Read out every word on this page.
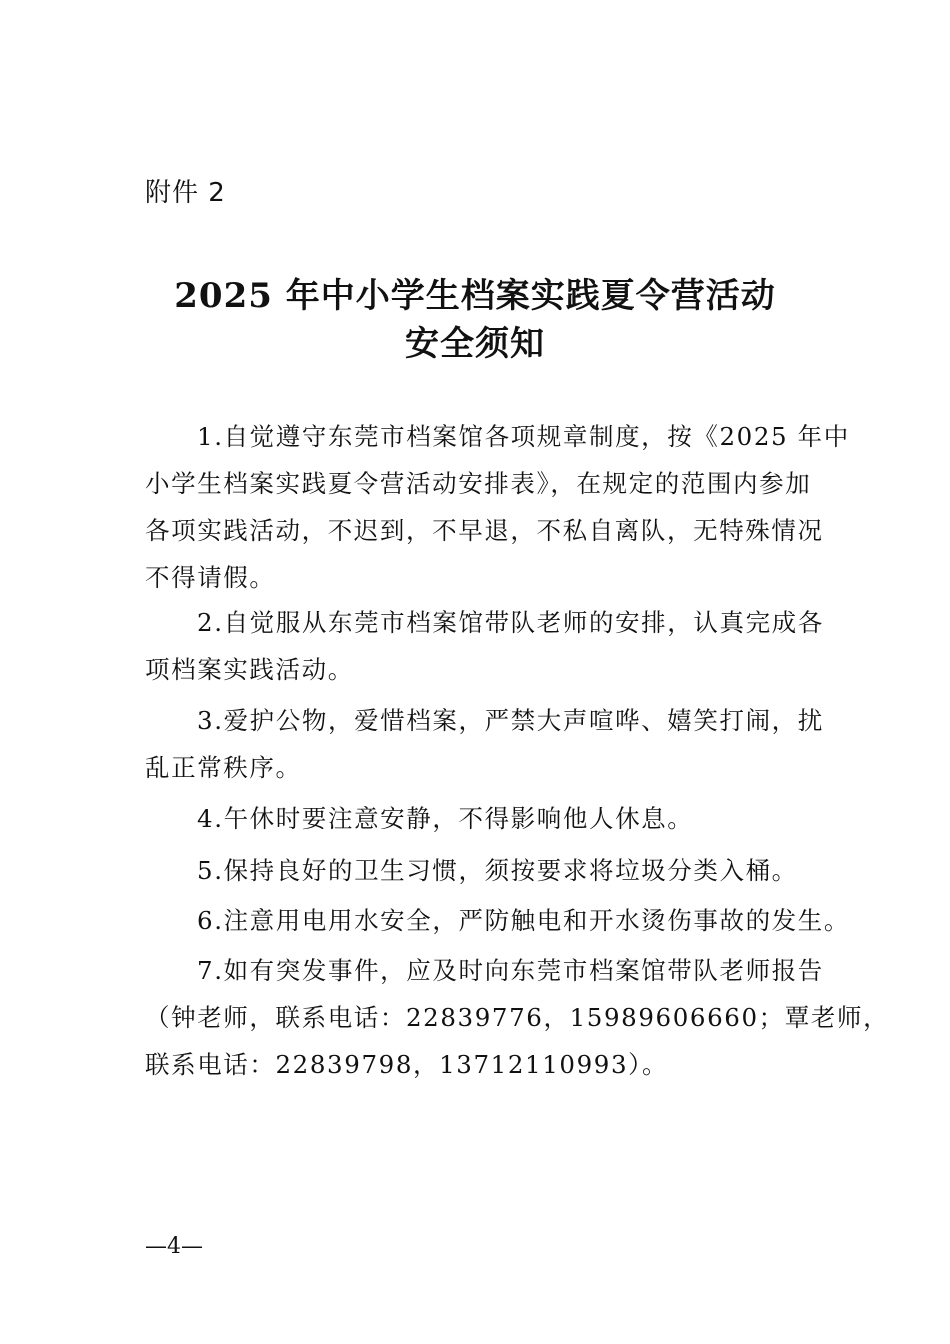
附件 2
2025 年中小学生档案实践夏令营活动
安全须知
1.自觉遵守东莞市档案馆各项规章制度，按《2025 年中
小学生档案实践夏令营活动安排表》，在规定的范围内参加
各项实践活动，不迟到，不早退，不私自离队，无特殊情况
不得请假。
2.自觉服从东莞市档案馆带队老师的安排，认真完成各
项档案实践活动。
3.爱护公物，爱惜档案，严禁大声喧哗、嬉笑打闹，扰
乱正常秩序。
4.午休时要注意安静，不得影响他人休息。
5.保持良好的卫生习惯，须按要求将垃圾分类入桶。
6.注意用电用水安全，严防触电和开水烫伤事故的发生。
7.如有突发事件，应及时向东莞市档案馆带队老师报告
（钟老师，联系电话：22839776，15989606660；覃老师，
联系电话：22839798，13712110993）。
—4—
